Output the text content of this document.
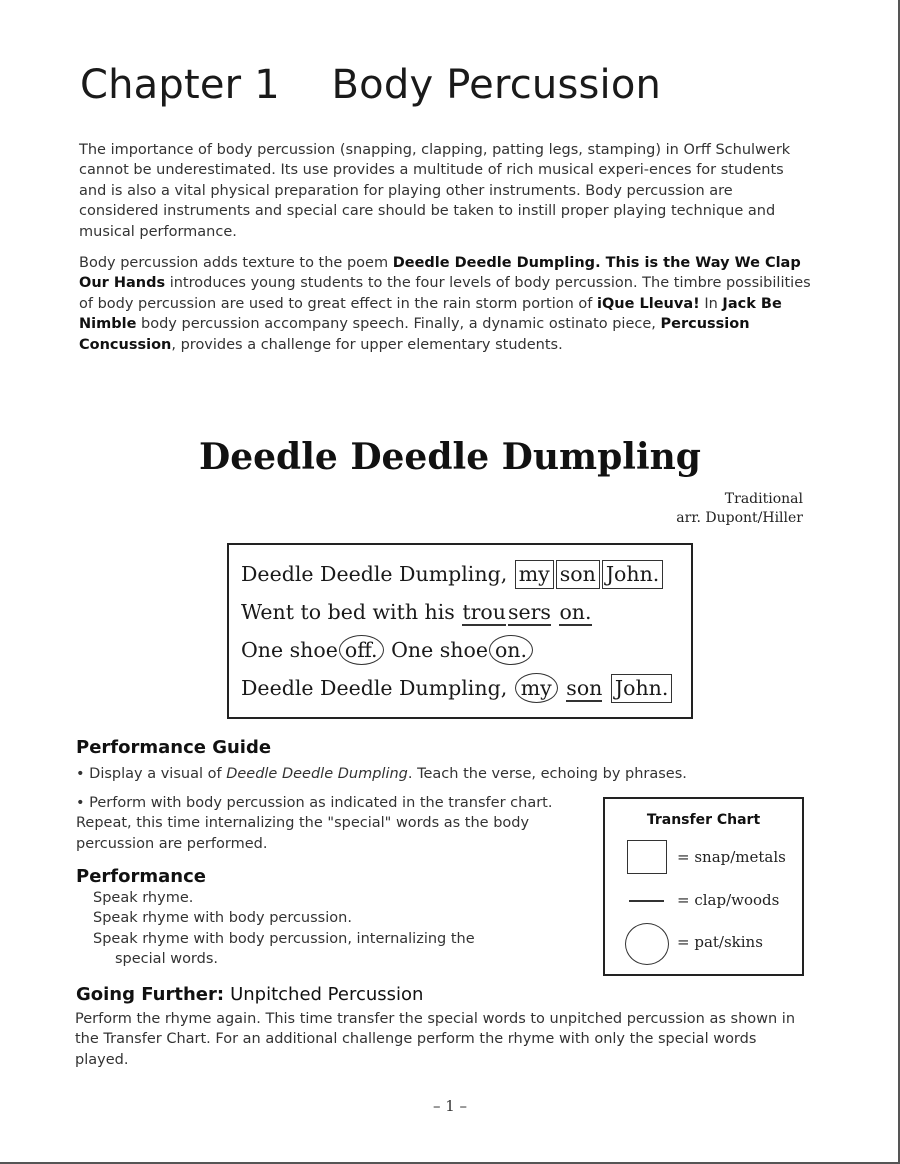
Chapter 1    Body Percussion

The importance of body percussion (snapping, clapping, patting legs, stamping) in Orff Schulwerk cannot be underestimated. Its use provides a multitude of rich musical experi-ences for students and is also a vital physical preparation for playing other instruments. Body percussion are considered instruments and special care should be taken to instill proper playing technique and musical performance.

Body percussion adds texture to the poem Deedle Deedle Dumpling. This is the Way We Clap Our Hands introduces young students to the four levels of body percussion. The timbre possibilities of body percussion are used to great effect in the rain storm portion of iQue Lleuva! In Jack Be Nimble body percussion accompany speech. Finally, a dynamic ostinato piece, Percussion Concussion, provides a challenge for upper elementary students.

Deedle Deedle Dumpling
Traditional
arr. Dupont/Hiller
Deedle Deedle Dumpling, my son John.
Went to bed with his trousers on.
One shoe off. One shoe on.
Deedle Deedle Dumpling, my son John.
Performance Guide

• Display a visual of Deedle Deedle Dumpling. Teach the verse, echoing by phrases.

• Perform with body percussion as indicated in the transfer chart. Repeat, this time internalizing the "special" words as the body percussion are performed.

Performance
Speak rhyme.
Speak rhyme with body percussion.
Speak rhyme with body percussion, internalizing the
special words.
Going Further: Unpitched Percussion

Perform the rhyme again. This time transfer the special words to unpitched percussion as shown in the Transfer Chart. For an additional challenge perform the rhyme with only the special words played.

Transfer Chart
= snap/metals
= clap/woods
= pat/skins
– 1 –
